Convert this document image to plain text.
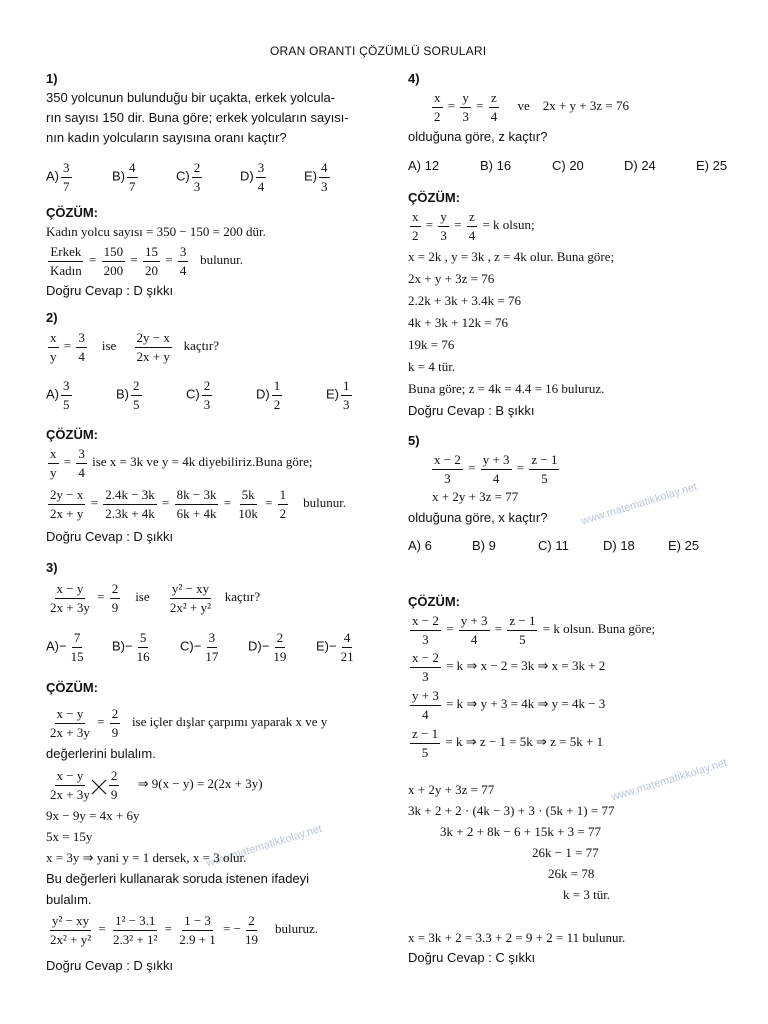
ORAN ORANTI ÇÖZÜMLÜ SORULARI
www.matematikkolay.net
www.matematikkolay.net
www.matematikkolay.net
1)
350 yolcunun bulunduğu bir uçakta, erkek yolcula-
rın sayısı 150 dir. Buna göre; erkek yolcuların sayısı-
nın kadın yolcuların sayısına oranı kaçtır?
$A) \frac{3}{7}$	$B) \frac{4}{7}$	$C) \frac{2}{3}$	$D) \frac{3}{4}$	$E) \frac{4}{3}$
ÇÖZÜM:
Kadın yolcu sayısı = 350 − 150 = 200 dür.
$\frac{\text{Erkek}}{\text{Kadın}} = \frac{150}{200} = \frac{15}{20} = \frac{3}{4}$ bulunur.
Doğru Cevap : D şıkkı
2)
$\frac{x}{y} = \frac{3}{4}$ ise $\frac{2y - x}{2x + y}$ kaçtır?
$A) \frac{3}{5}$	$B) \frac{2}{5}$	$C) \frac{2}{3}$	$D) \frac{1}{2}$	$E) \frac{1}{3}$
ÇÖZÜM:
$\frac{x}{y} = \frac{3}{4}$ ise x = 3k ve y = 4k diyebiliriz.Buna göre;
$\frac{2y - x}{2x + y} = \frac{2.4k - 3k}{2.3k + 4k} = \frac{8k - 3k}{6k + 4k} = \frac{5k}{10k} = \frac{1}{2}$ bulunur.
Doğru Cevap : D şıkkı
3)
$\frac{x - y}{2x + 3y} = \frac{2}{9}$ ise $\frac{\text{y² − xy}}{\text{2x² + y²}}$ kaçtır?
$A)- \frac{7}{15} B)- \frac{5}{16} C)- \frac{3}{17} D)- \frac{2}{19} E)- \frac{4}{21}$
ÇÖZÜM:
$\frac{x - y}{2x + 3y} = \frac{2}{9}$ ise içler dışlar çarpımı yaparak x ve y
değerlerini bulalım.
$\frac{x - y}{2x + 3y}$
$\frac{2}{9}$ ⇒ 9(x − y) = 2(2x + 3y)
9x − 9y = 4x + 6y
5x = 15y
x = 3y ⇒ yani y = 1 dersek, x = 3 olur.
Bu değerleri kullanarak soruda istenen ifadeyi
bulalım.
$\frac{\text{y² − xy}}{\text{2x² + y²}} = \frac{\text{1² − 3.1}}{\text{2.3² + 1²}} = \frac{1 - 3}{2.9 + 1}$ = − $\frac{2}{19}$ buluruz.
Doğru Cevap : D şıkkı
4)
$\frac{x}{2} = \frac{y}{3} = \frac{z}{4}$ ve 2x + y + 3z = 76
olduğuna göre, z kaçtır?
A) 12	B) 16	C) 20	D) 24	E) 25
ÇÖZÜM:
$\frac{x}{2} = \frac{y}{3} = \frac{z}{4} = k$ olsun;
x = 2k , y = 3k , z = 4k olur. Buna göre;
2x + y + 3z = 76
2.2k + 3k + 3.4k = 76
4k + 3k + 12k = 76
19k = 76
k = 4 tür.
Buna göre; z = 4k = 4.4 = 16 buluruz.
Doğru Cevap : B şıkkı
5)
$\frac{x - 2}{3} = \frac{y + 3}{4} = \frac{z - 1}{5}$
x + 2y + 3z = 77
olduğuna göre, x kaçtır?
A) 6	B) 9	C) 11	D) 18	E) 25
ÇÖZÜM:
$\frac{x - 2}{3} = \frac{y + 3}{4} = \frac{z - 1}{5} = k$ olsun. Buna göre;
$\frac{x - 2}{3} = k$ ⇒ x − 2 = 3k ⇒ x = 3k + 2
$\frac{y + 3}{4} = k$ ⇒ y + 3 = 4k ⇒ y = 4k − 3
$\frac{z - 1}{5} = k$ ⇒ z − 1 = 5k ⇒ z = 5k + 1
x + 2y + 3z = 77
3k + 2 + 2 · (4k − 3) + 3 · (5k + 1) = 77
3k + 2 + 8k − 6 + 15k + 3 = 77
26k − 1 = 77
26k = 78
k = 3 tür.
x = 3k + 2 = 3.3 + 2 = 9 + 2 = 11 bulunur.
Doğru Cevap : C şıkkı
